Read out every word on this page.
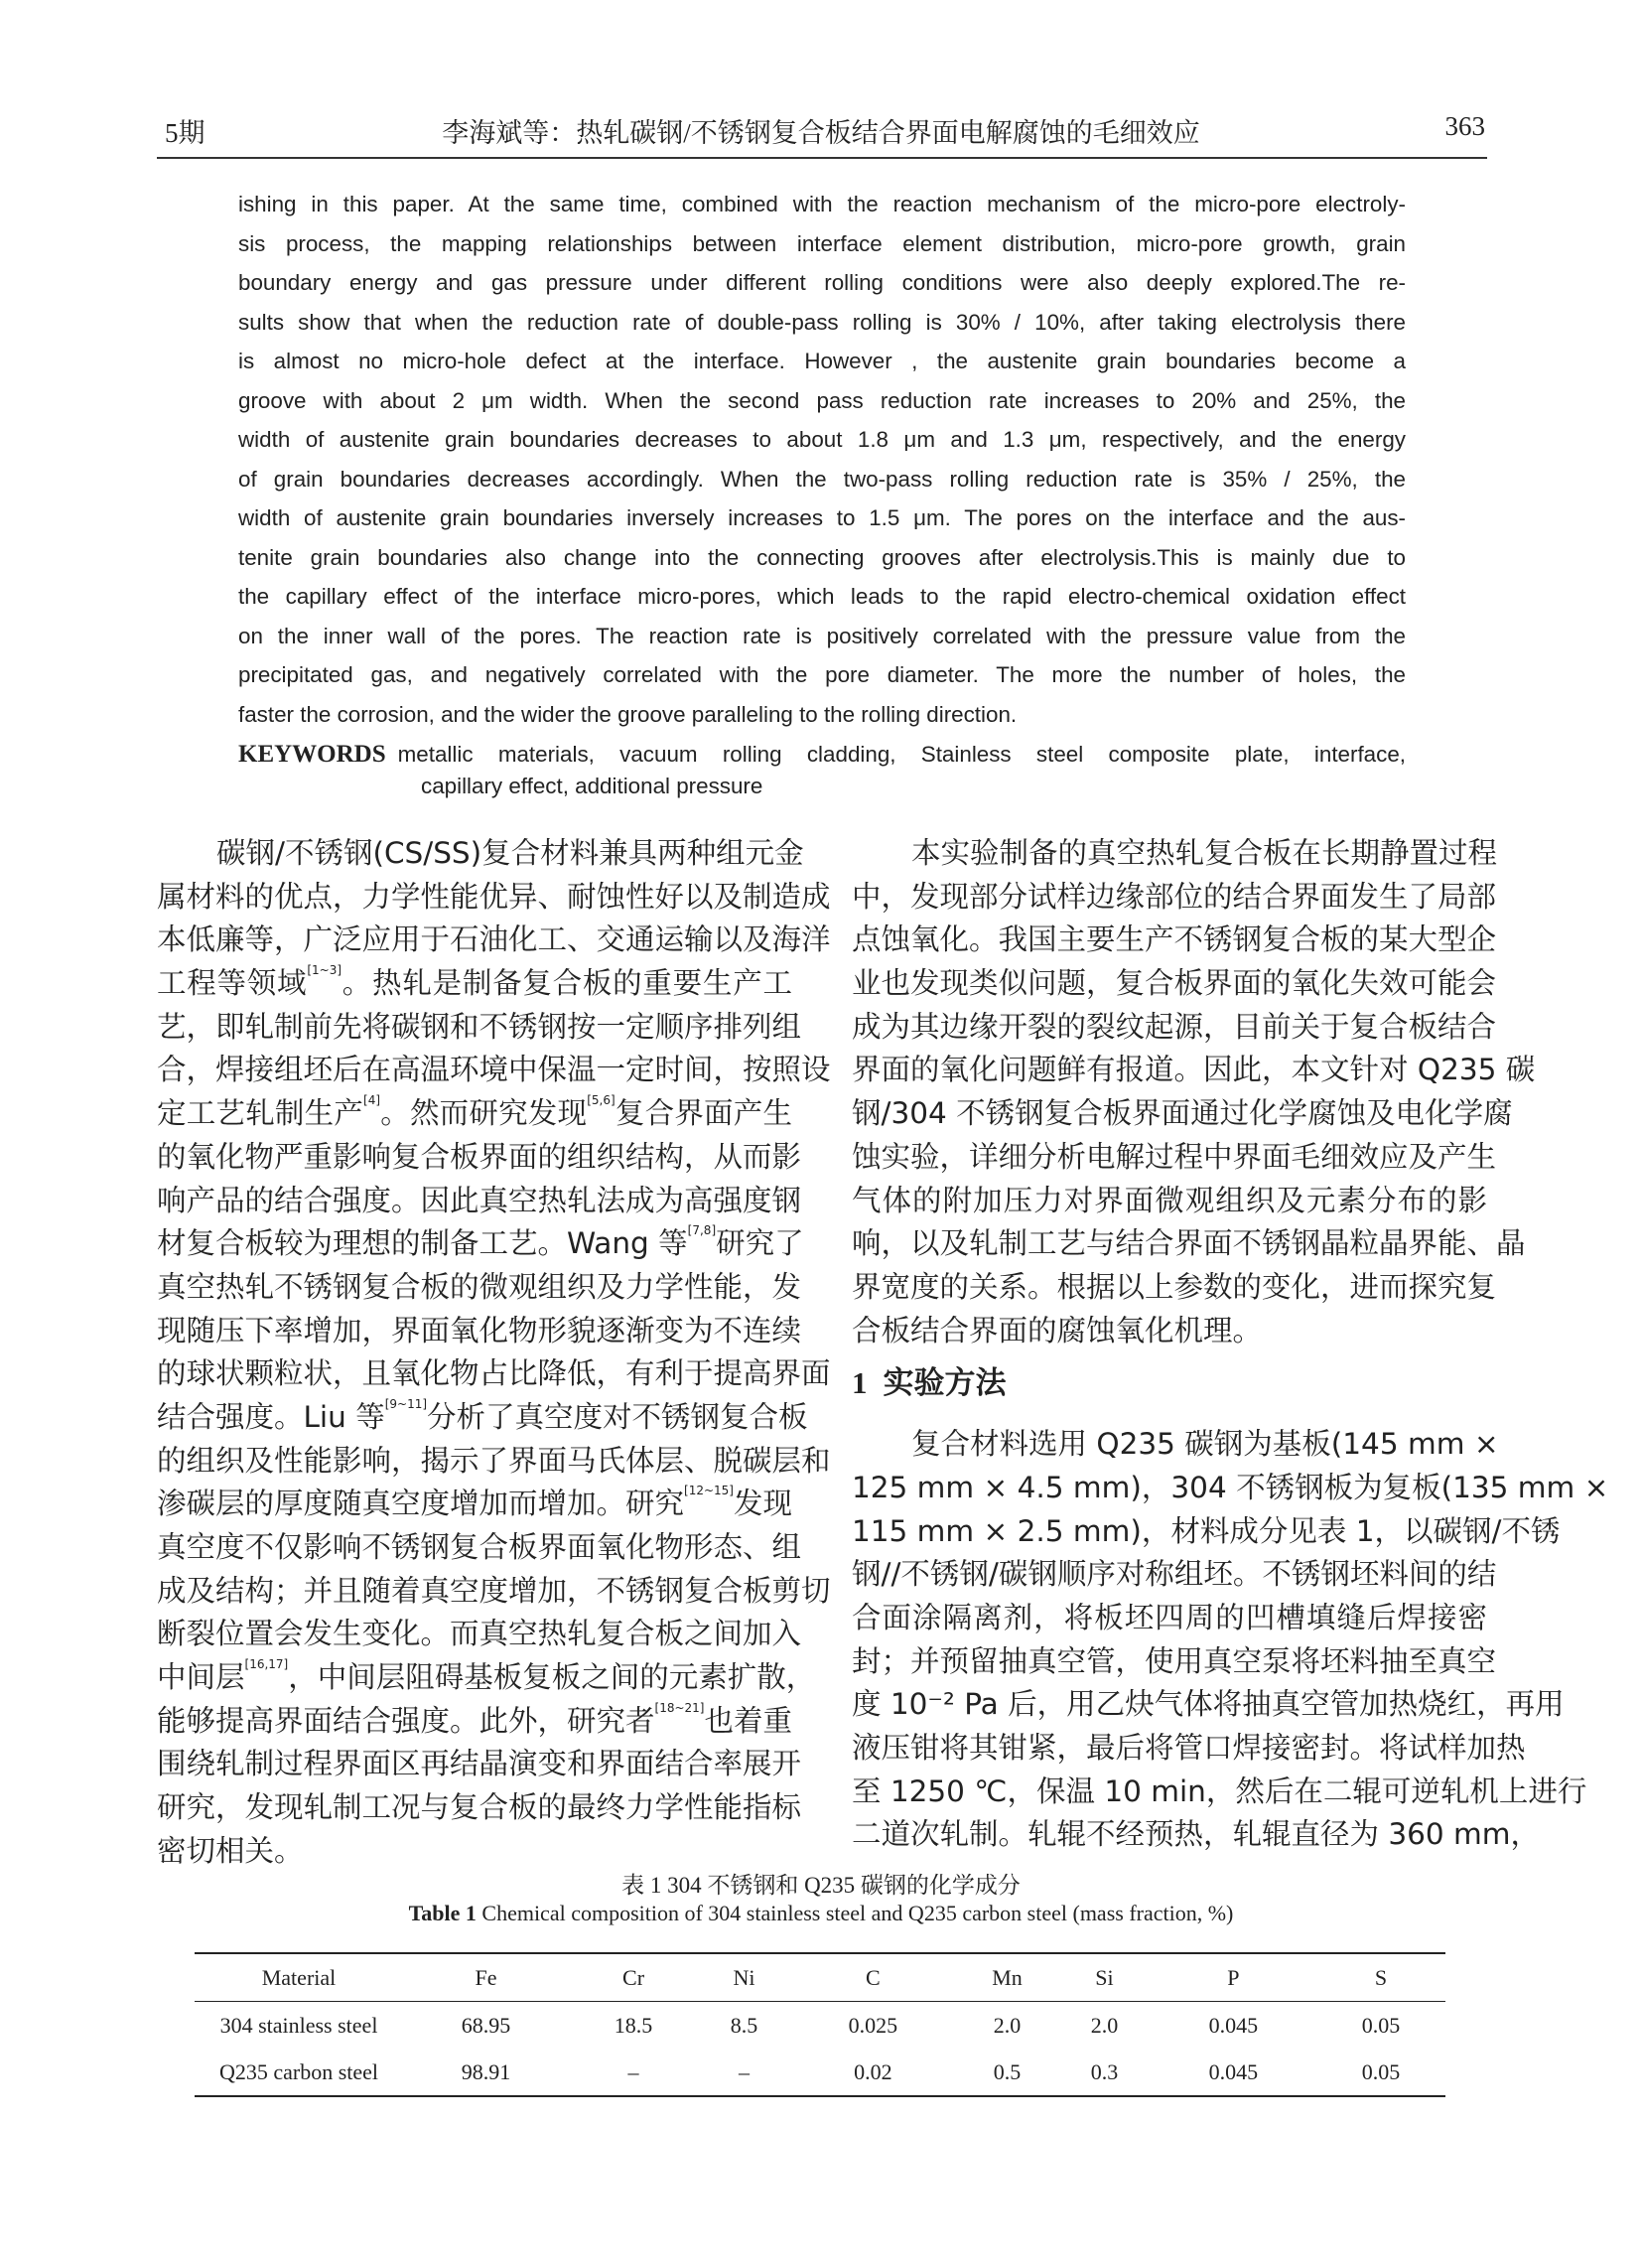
5期	李海斌等：热轧碳钢/不锈钢复合板结合界面电解腐蚀的毛细效应	363
ishing in this paper. At the same time, combined with the reaction mechanism of the micro-pore electroly-
sis process, the mapping relationships between interface element distribution, micro-pore growth, grain
boundary energy and gas pressure under different rolling conditions were also deeply explored.The re-
sults show that when the reduction rate of double-pass rolling is 30% / 10%, after taking electrolysis there
is almost no micro-hole defect at the interface. However , the austenite grain boundaries become a
groove with about 2 μm width. When the second pass reduction rate increases to 20% and 25%, the
width of austenite grain boundaries decreases to about 1.8 μm and 1.3 μm, respectively, and the energy
of grain boundaries decreases accordingly. When the two-pass rolling reduction rate is 35% / 25%, the
width of austenite grain boundaries inversely increases to 1.5 μm. The pores on the interface and the aus-
tenite grain boundaries also change into the connecting grooves after electrolysis.This is mainly due to
the capillary effect of the interface micro-pores, which leads to the rapid electro-chemical oxidation effect
on the inner wall of the pores. The reaction rate is positively correlated with the pressure value from the
precipitated gas, and negatively correlated with the pore diameter. The more the number of holes, the
faster the corrosion, and the wider the groove paralleling to the rolling direction.
KEYWORDS metallic materials, vacuum rolling cladding, Stainless steel composite plate, interface,
capillary effect, additional pressure
碳钢/不锈钢(CS/SS)复合材料兼具两种组元金
属材料的优点，力学性能优异、耐蚀性好以及制造成
本低廉等，广泛应用于石油化工、交通运输以及海洋
工程等领域[1~3]。热轧是制备复合板的重要生产工
艺，即轧制前先将碳钢和不锈钢按一定顺序排列组
合，焊接组坯后在高温环境中保温一定时间，按照设
定工艺轧制生产[4]。然而研究发现[5,6]复合界面产生
的氧化物严重影响复合板界面的组织结构，从而影
响产品的结合强度。因此真空热轧法成为高强度钢
材复合板较为理想的制备工艺。Wang 等[7,8]研究了
真空热轧不锈钢复合板的微观组织及力学性能，发
现随压下率增加，界面氧化物形貌逐渐变为不连续
的球状颗粒状，且氧化物占比降低，有利于提高界面
结合强度。Liu 等[9~11]分析了真空度对不锈钢复合板
的组织及性能影响，揭示了界面马氏体层、脱碳层和
渗碳层的厚度随真空度增加而增加。研究[12~15]发现
真空度不仅影响不锈钢复合板界面氧化物形态、组
成及结构；并且随着真空度增加，不锈钢复合板剪切
断裂位置会发生变化。而真空热轧复合板之间加入
中间层[16,17]，中间层阻碍基板复板之间的元素扩散，
能够提高界面结合强度。此外，研究者[18~21]也着重
围绕轧制过程界面区再结晶演变和界面结合率展开
研究，发现轧制工况与复合板的最终力学性能指标
密切相关。
本实验制备的真空热轧复合板在长期静置过程
中，发现部分试样边缘部位的结合界面发生了局部
点蚀氧化。我国主要生产不锈钢复合板的某大型企
业也发现类似问题，复合板界面的氧化失效可能会
成为其边缘开裂的裂纹起源，目前关于复合板结合
界面的氧化问题鲜有报道。因此，本文针对 Q235 碳
钢/304 不锈钢复合板界面通过化学腐蚀及电化学腐
蚀实验，详细分析电解过程中界面毛细效应及产生
气体的附加压力对界面微观组织及元素分布的影
响，以及轧制工艺与结合界面不锈钢晶粒晶界能、晶
界宽度的关系。根据以上参数的变化，进而探究复
合板结合界面的腐蚀氧化机理。
1 实验方法
复合材料选用 Q235 碳钢为基板(145 mm ×
125 mm × 4.5 mm)，304 不锈钢板为复板(135 mm ×
115 mm × 2.5 mm)，材料成分见表 1，以碳钢/不锈
钢//不锈钢/碳钢顺序对称组坯。不锈钢坯料间的结
合面涂隔离剂，将板坯四周的凹槽填缝后焊接密
封；并预留抽真空管，使用真空泵将坯料抽至真空
度 10⁻² Pa 后，用乙炔气体将抽真空管加热烧红，再用
液压钳将其钳紧，最后将管口焊接密封。将试样加热
至 1250 ℃，保温 10 min，然后在二辊可逆轧机上进行
二道次轧制。轧辊不经预热，轧辊直径为 360 mm，
表 1 304 不锈钢和 Q235 碳钢的化学成分
Table 1 Chemical composition of 304 stainless steel and Q235 carbon steel (mass fraction, %)
Material	Fe	Cr	Ni	C	Mn	Si	P	S
304 stainless steel	68.95	18.5	8.5	0.025	2.0	2.0	0.045	0.05
Q235 carbon steel	98.91	–	–	0.02	0.5	0.3	0.045	0.05
